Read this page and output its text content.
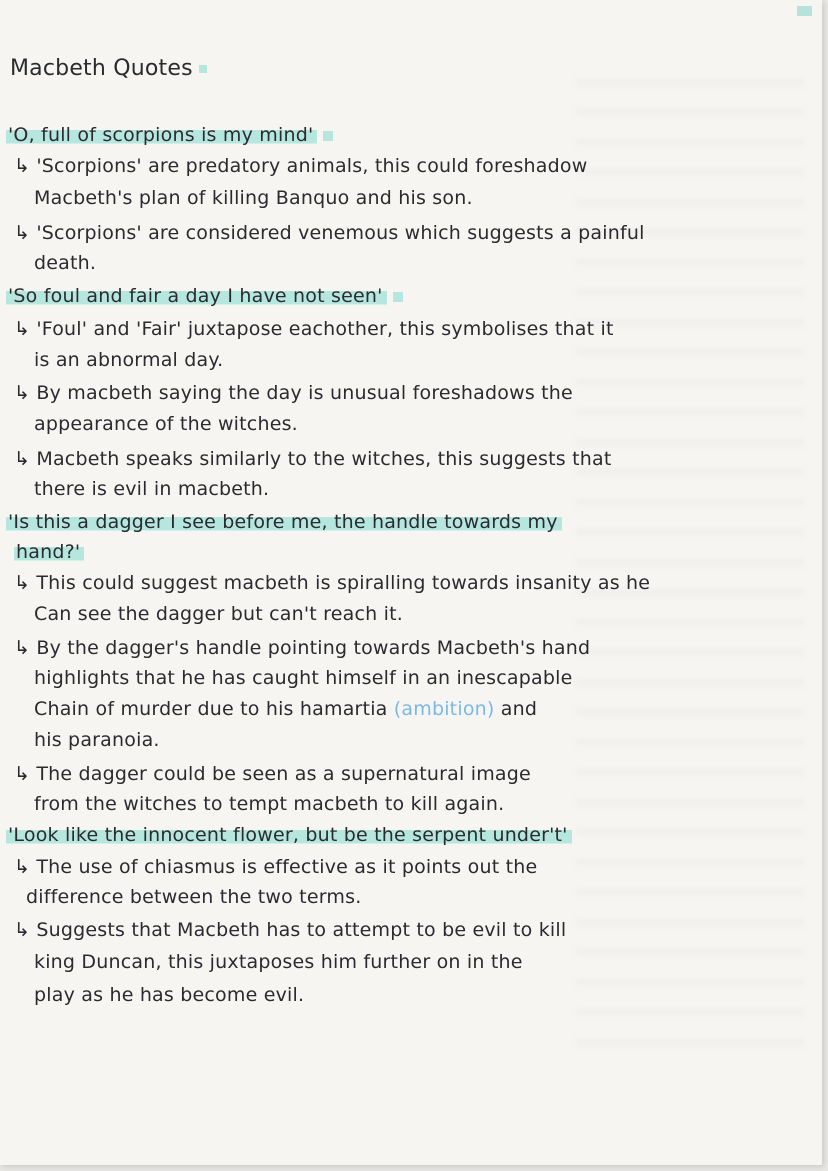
Macbeth Quotes

'O, full of scorpions is my mind'

↳ 'Scorpions' are predatory animals, this could foreshadow

Macbeth's plan of killing Banquo and his son.

↳ 'Scorpions' are considered venemous which suggests a painful

death.

'So foul and fair a day I have not seen'

↳ 'Foul' and 'Fair' juxtapose eachother, this symbolises that it

is an abnormal day.

↳ By macbeth saying the day is unusual foreshadows the

appearance of the witches.

↳ Macbeth speaks similarly to the witches, this suggests that

there is evil in macbeth.

'Is this a dagger I see before me, the handle towards my

hand?'

↳ This could suggest macbeth is spiralling towards insanity as he

Can see the dagger but can't reach it.

↳ By the dagger's handle pointing towards Macbeth's hand

highlights that he has caught himself in an inescapable

Chain of murder due to his hamartia (ambition) and

his paranoia.

↳ The dagger could be seen as a supernatural image

from the witches to tempt macbeth to kill again.

'Look like the innocent flower, but be the serpent under't'

↳ The use of chiasmus is effective as it points out the

difference between the two terms.

↳ Suggests that Macbeth has to attempt to be evil to kill

king Duncan, this juxtaposes him further on in the

play as he has become evil.
